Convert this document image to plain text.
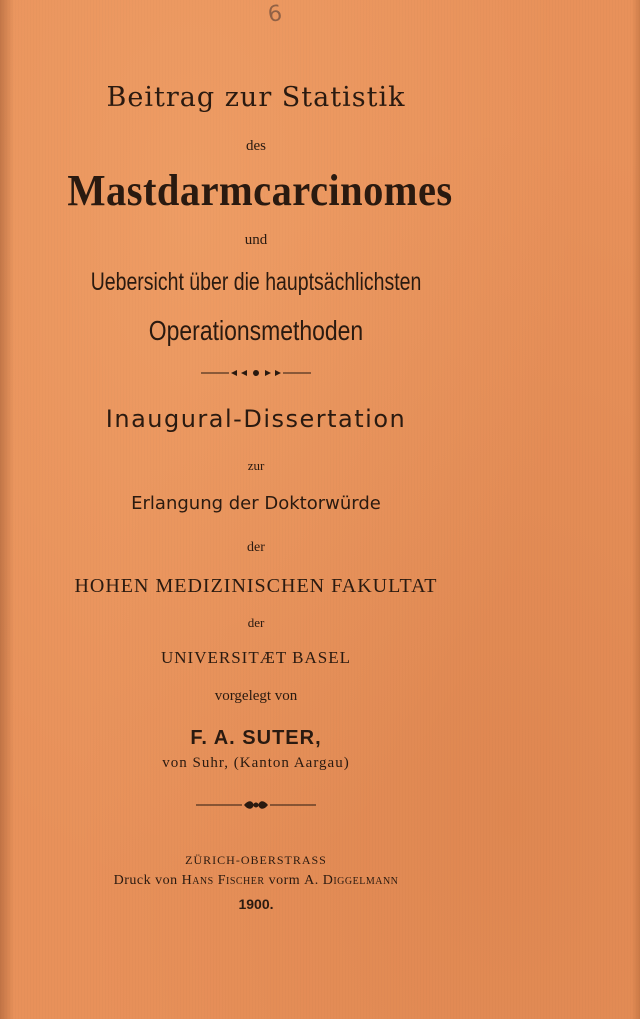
6
Beitrag zur Statistik
des
Mastdarmcarcinomes
und
Uebersicht über die hauptsächlichsten
Operationsmethoden
Inaugural-Dissertation
zur
Erlangung der Doktorwürde
der
HOHEN MEDIZINISCHEN FAKULTAT
der
UNIVERSITÆT BASEL
vorgelegt von
F. A. SUTER,
von Suhr, (Kanton Aargau)
ZÜRICH-OBERSTRASS
Druck von Hans Fischer vorm A. Diggelmann
1900.
